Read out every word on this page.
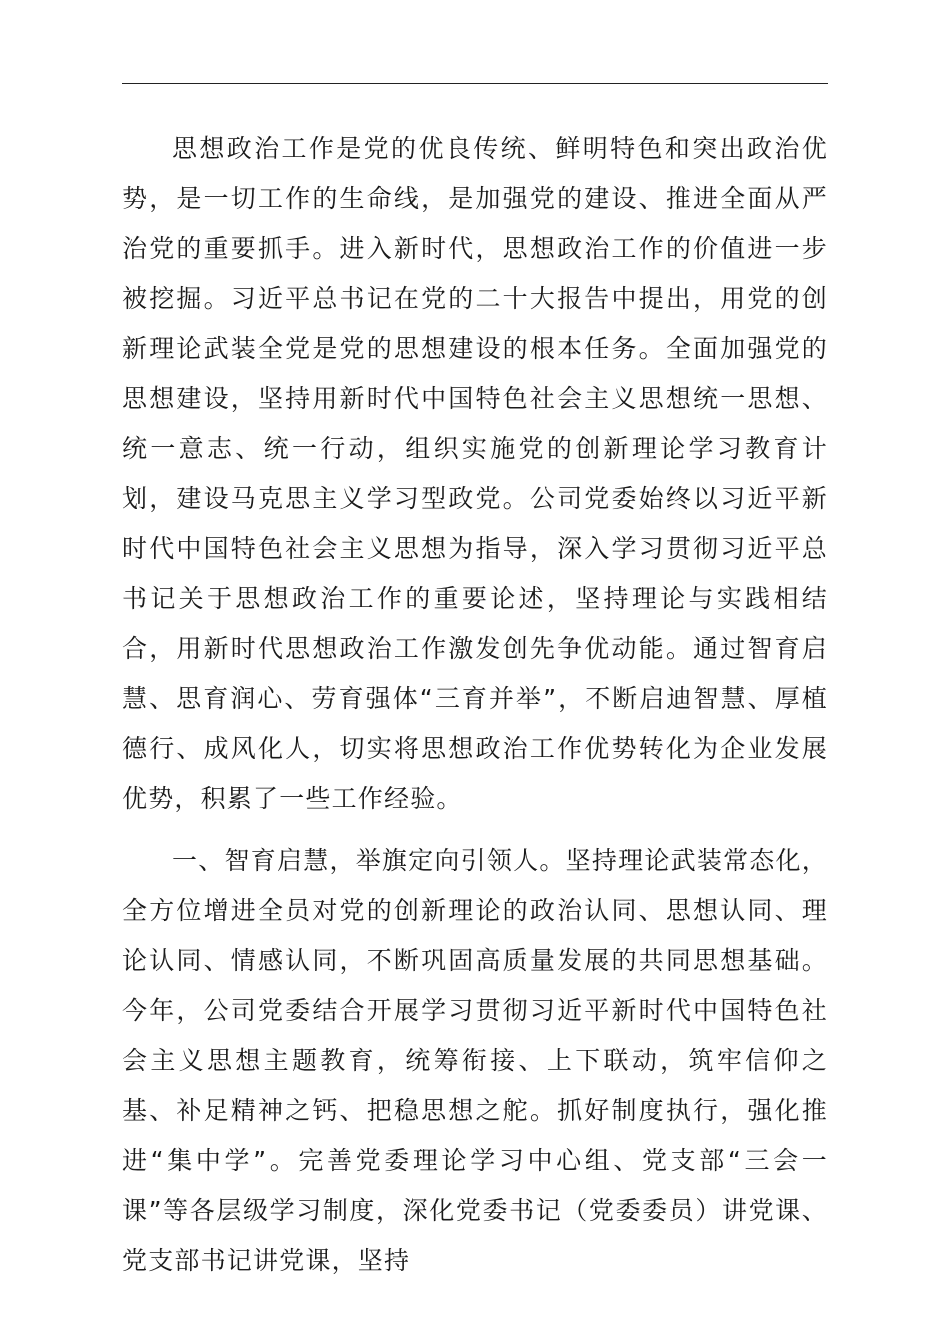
思想政治工作是党的优良传统、鲜明特色和突出政治优势，是一切工作的生命线，是加强党的建设、推进全面从严治党的重要抓手。进入新时代，思想政治工作的价值进一步被挖掘。习近平总书记在党的二十大报告中提出，用党的创新理论武装全党是党的思想建设的根本任务。全面加强党的思想建设，坚持用新时代中国特色社会主义思想统一思想、统一意志、统一行动，组织实施党的创新理论学习教育计划，建设马克思主义学习型政党。公司党委始终以习近平新时代中国特色社会主义思想为指导，深入学习贯彻习近平总书记关于思想政治工作的重要论述，坚持理论与实践相结合，用新时代思想政治工作激发创先争优动能。通过智育启慧、思育润心、劳育强体“三育并举”，不断启迪智慧、厚植德行、成风化人，切实将思想政治工作优势转化为企业发展优势，积累了一些工作经验。

一、智育启慧，举旗定向引领人。坚持理论武装常态化，全方位增进全员对党的创新理论的政治认同、思想认同、理论认同、情感认同，不断巩固高质量发展的共同思想基础。今年，公司党委结合开展学习贯彻习近平新时代中国特色社会主义思想主题教育，统筹衔接、上下联动，筑牢信仰之基、补足精神之钙、把稳思想之舵。抓好制度执行，强化推进“集中学”。完善党委理论学习中心组、党支部“三会一课”等各层级学习制度，深化党委书记（党委委员）讲党课、党支部书记讲党课，坚持
